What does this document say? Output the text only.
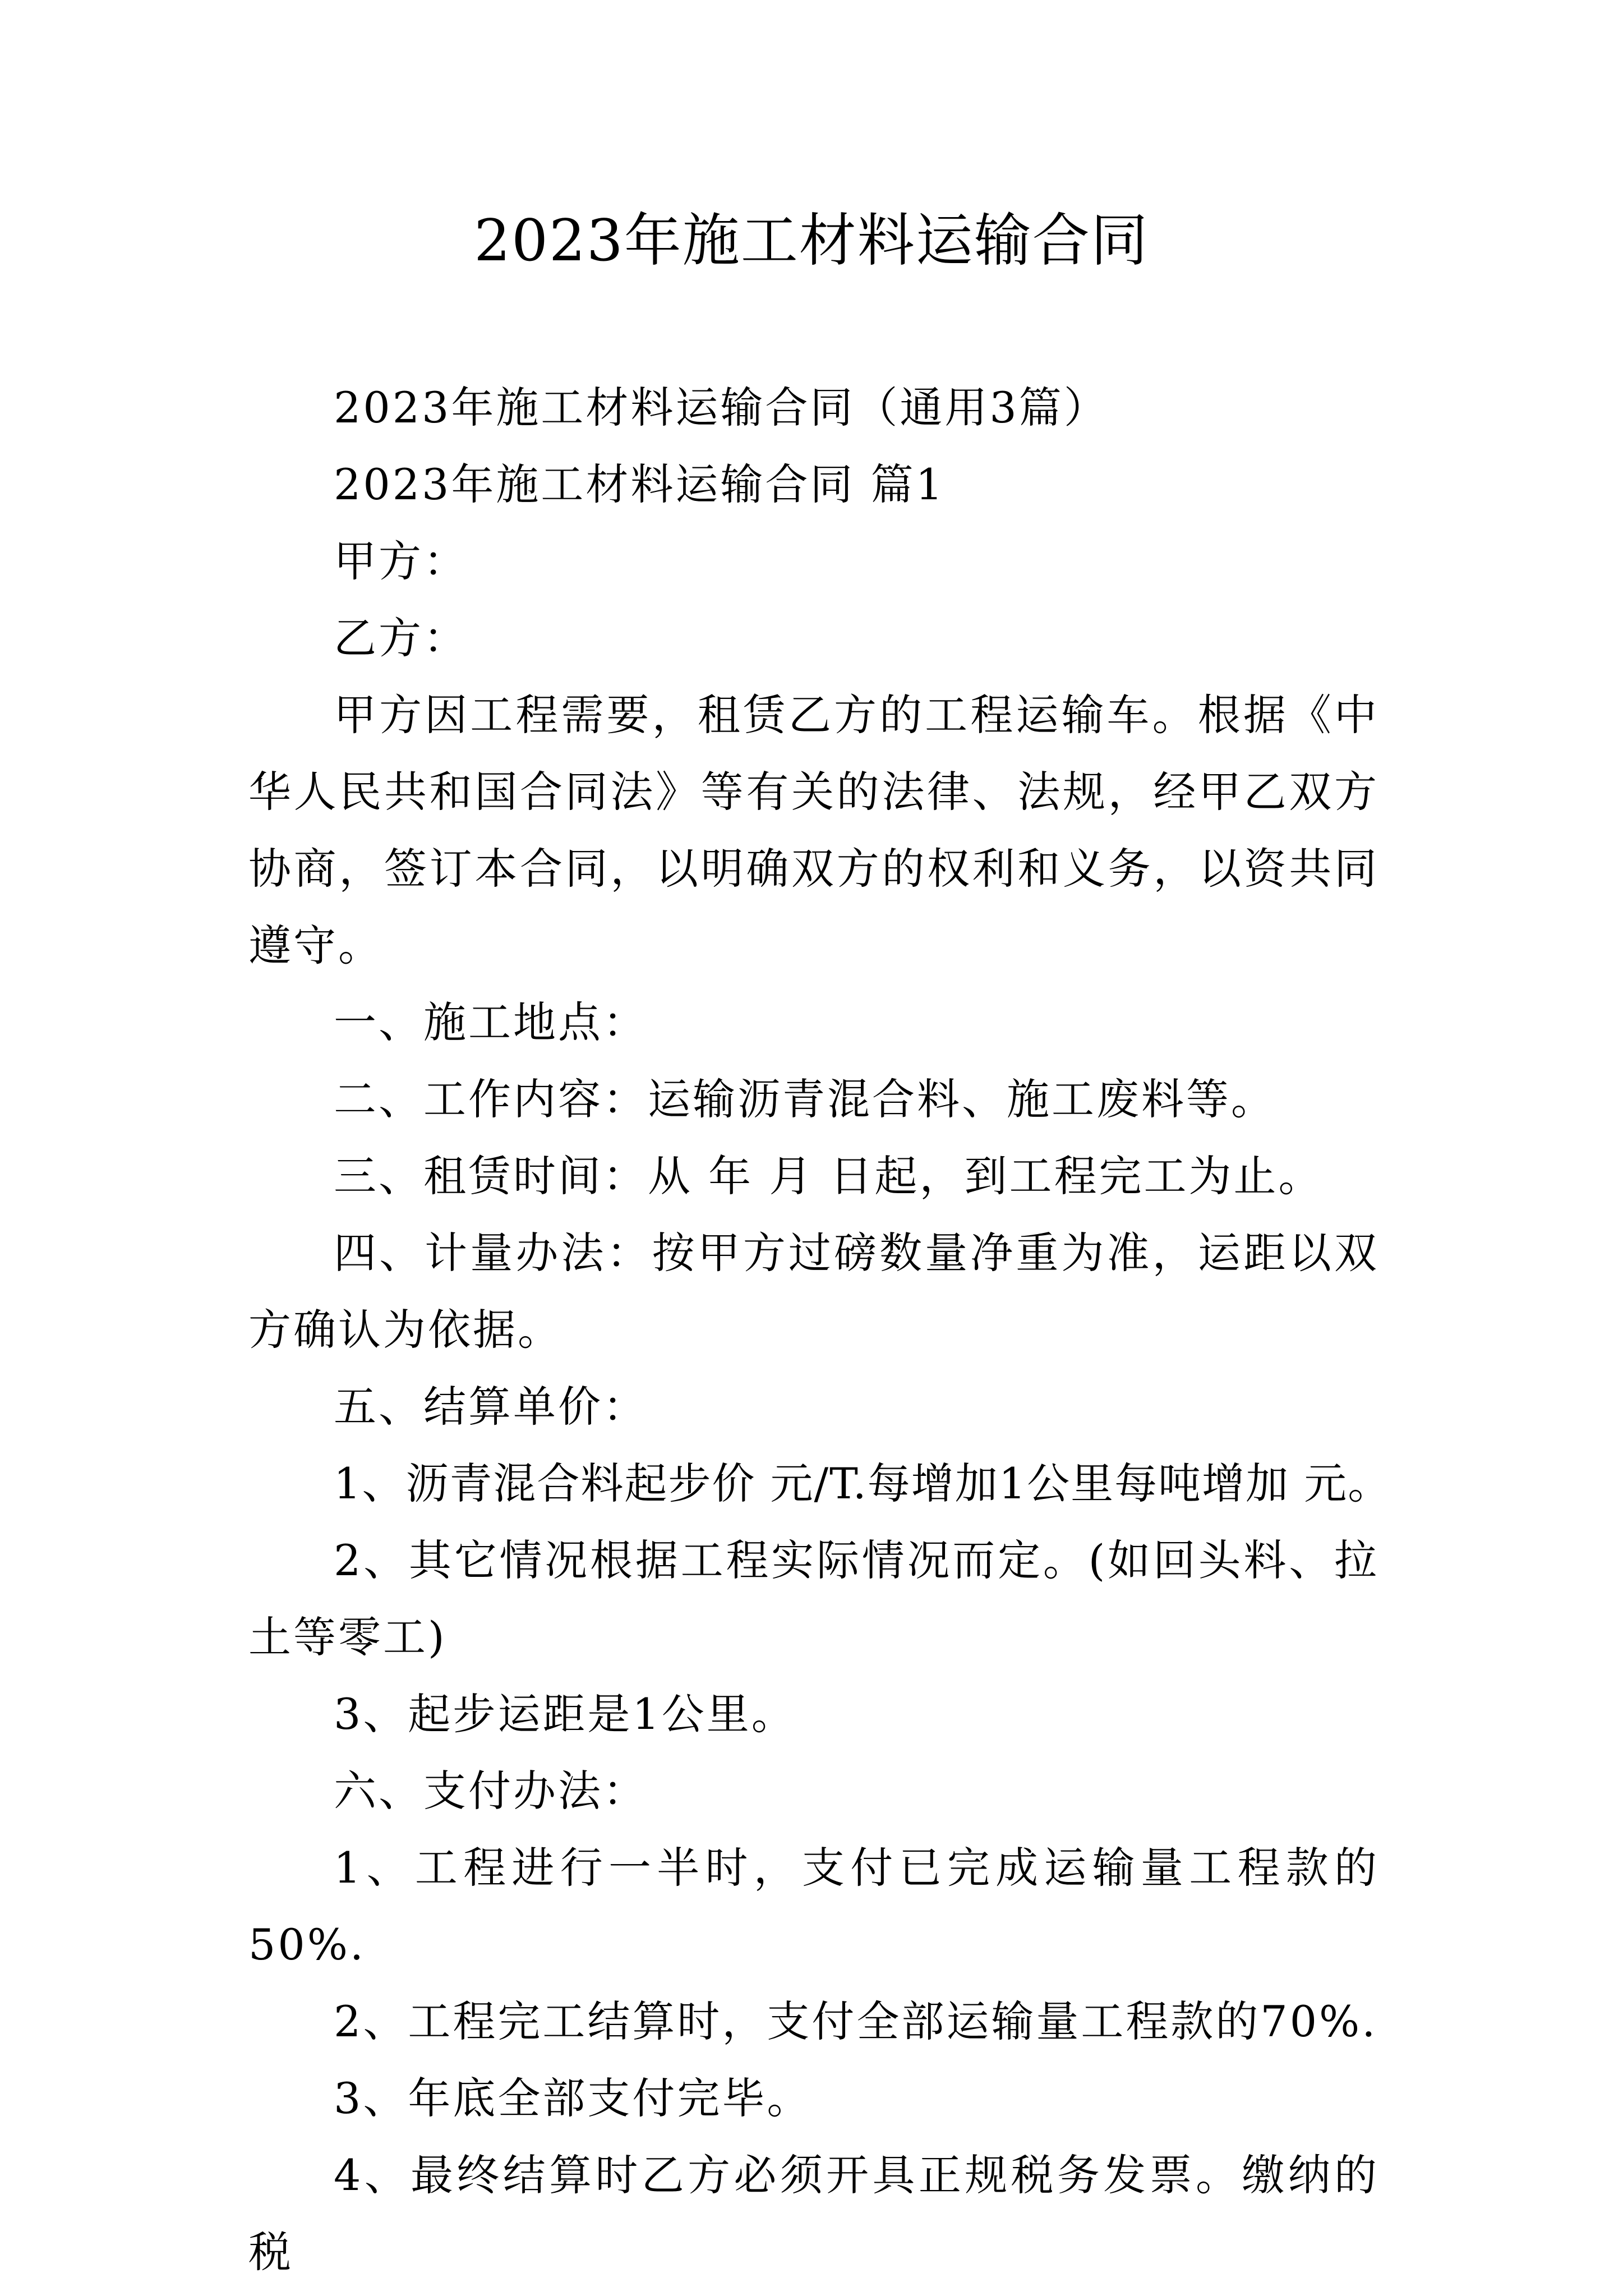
2023年施工材料运输合同

2023年施工材料运输合同（通用3篇）

2023年施工材料运输合同 篇1

甲方：

乙方：

甲方因工程需要，租赁乙方的工程运输车。根据《中华人民共和国合同法》等有关的法律、法规，经甲乙双方协商，签订本合同，以明确双方的权利和义务，以资共同遵守。

一、施工地点：

二、工作内容：运输沥青混合料、施工废料等。

三、租赁时间：从 年 月 日起，到工程完工为止。

四、计量办法：按甲方过磅数量净重为准，运距以双方确认为依据。

五、结算单价：

1、沥青混合料起步价 元/T.每增加1公里每吨增加 元。

2、其它情况根据工程实际情况而定。(如回头料、拉土等零工)

3、起步运距是1公里。

六、支付办法：

1、工程进行一半时，支付已完成运输量工程款的50%.

2、工程完工结算时，支付全部运输量工程款的70%.

3、年底全部支付完毕。

4、最终结算时乙方必须开具正规税务发票。缴纳的税
